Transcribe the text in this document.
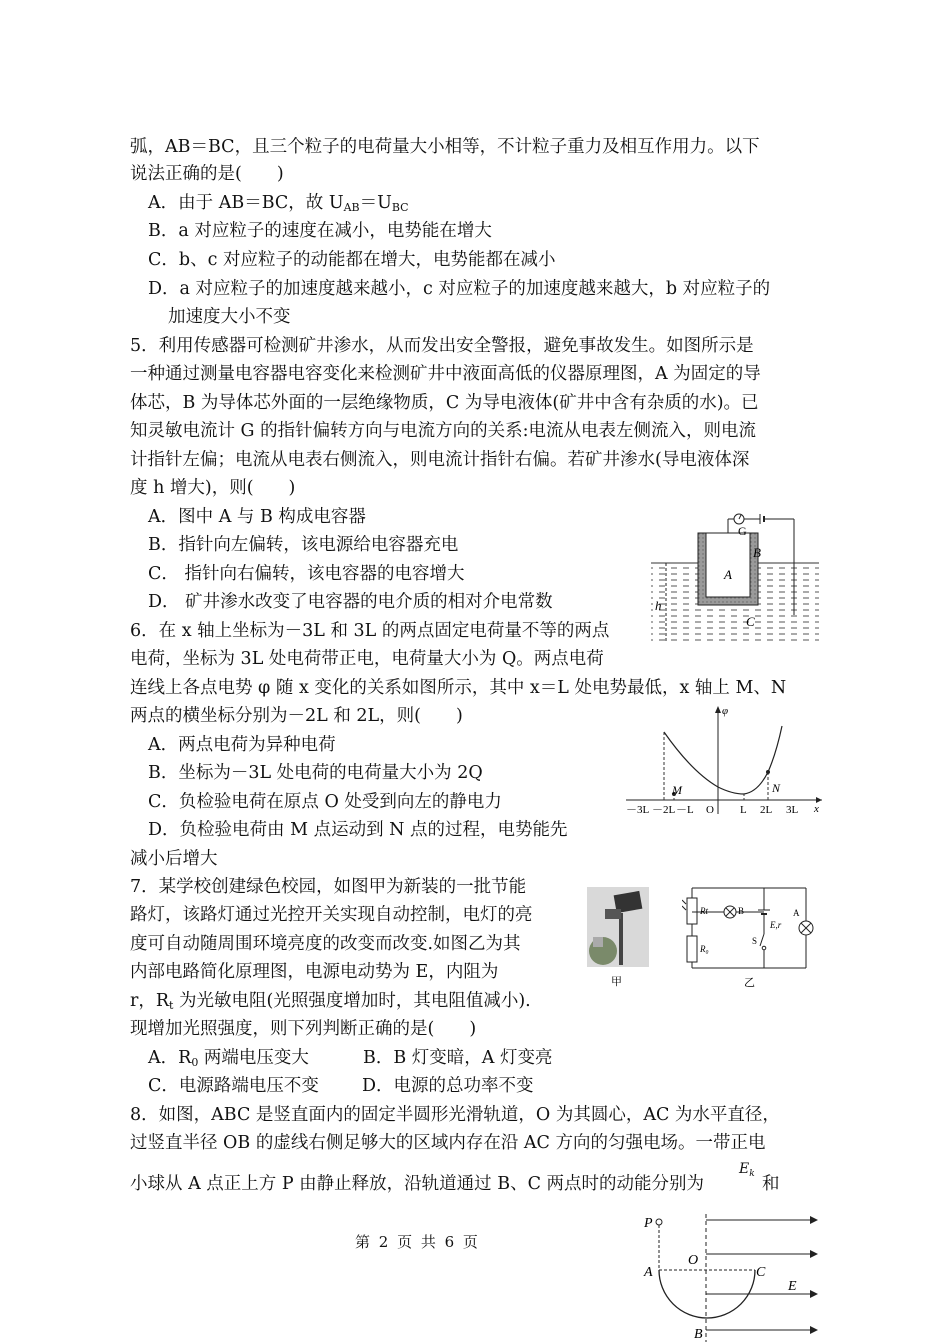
弧，AB＝BC，且三个粒子的电荷量大小相等，不计粒子重力及相互作用力。以下
说法正确的是(　　)
A．由于 AB＝BC，故 $U_{AB}=U_{BC}$
B．a 对应粒子的速度在减小，电势能在增大
C．b、c 对应粒子的动能都在增大，电势能都在减小
D．a 对应粒子的加速度越来越小，c 对应粒子的加速度越来越大，b 对应粒子的
加速度大小不变
5．利用传感器可检测矿井渗水，从而发出安全警报，避免事故发生。如图所示是
一种通过测量电容器电容变化来检测矿井中液面高低的仪器原理图，A 为固定的导
体芯，B 为导体芯外面的一层绝缘物质，C 为导电液体(矿井中含有杂质的水)。已
知灵敏电流计 G 的指针偏转方向与电流方向的关系:电流从电表左侧流入，则电流
计指针左偏；电流从电表右侧流入，则电流计指针右偏。若矿井渗水(导电液体深
度 h 增大)，则(　　)
A．图中 A 与 B 构成电容器
B．指针向左偏转，该电源给电容器充电
C． 指针向右偏转，该电容器的电容增大
D． 矿井渗水改变了电容器的电介质的相对介电常数
G
B
A
C
h
6．在 x 轴上坐标为－3L 和 3L 的两点固定电荷量不等的两点
电荷，坐标为 3L 处电荷带正电，电荷量大小为 Q。两点电荷
连线上各点电势 φ 随 x 变化的关系如图所示，其中 x＝L 处电势最低，x 轴上 M、N
两点的横坐标分别为－2L 和 2L，则(　　)
A．两点电荷为异种电荷
B．坐标为－3L 处电荷的电荷量大小为 2Q
C．负检验电荷在原点 O 处受到向左的静电力
D．负检验电荷由 M 点运动到 N 点的过程，电势能先
减小后增大
φ
M	N
x
－3L －2L －L O L 2L 3L
7．某学校创建绿色校园，如图甲为新装的一批节能
路灯，该路灯通过光控开关实现自动控制，电灯的亮
度可自动随周围环境亮度的改变而改变.如图乙为其
内部电路简化原理图，电源电动势为 E，内阻为
r，$R_t$ 为光敏电阻(光照强度增加时，其电阻值减小).
现增加光照强度，则下列判断正确的是(　　)
A．$R_0$ 两端电压变大	B．B 灯变暗，A 灯变亮
C．电源路端电压不变 D．电源的总功率不变
甲
Rt	B
R₀
E,r
S
A
乙
8．如图，ABC 是竖直面内的固定半圆形光滑轨道，O 为其圆心，AC 为水平直径，
过竖直半径 OB 的虚线右侧足够大的区域内存在沿 AC 方向的匀强电场。一带正电
小球从 A 点正上方 P 由静止释放，沿轨道通过 B、C 两点时的动能分别为
$E_k$ 和
P
O
A	C
E
B
第 2 页 共 6 页
